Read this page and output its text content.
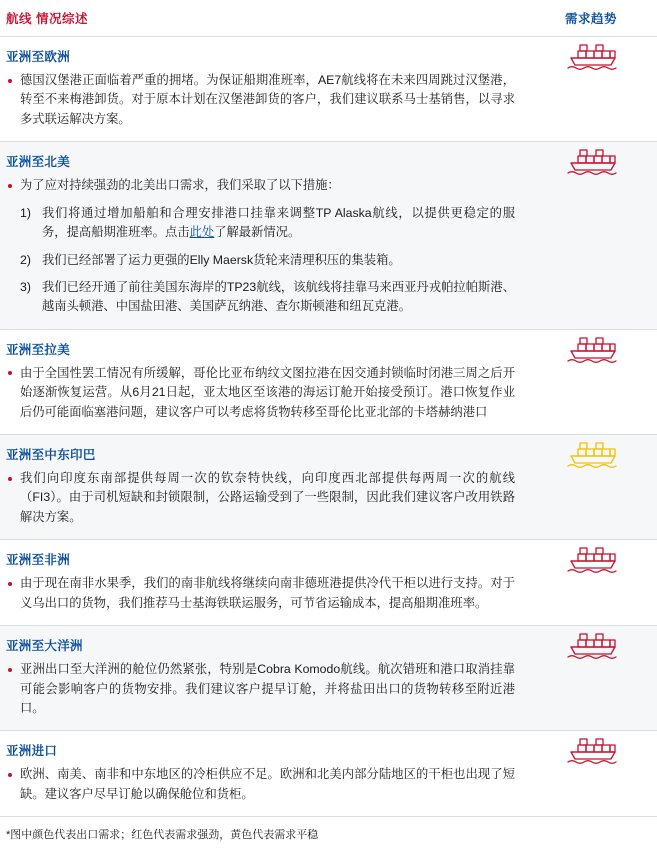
航线 情况综述	需求趋势

亚洲至欧洲
德国汉堡港正面临着严重的拥堵。为保证船期准班率，AE7航线将在未来四周跳过汉堡港，转至不来梅港卸货。对于原本计划在汉堡港卸货的客户，我们建议联系马士基销售，以寻求多式联运解决方案。

亚洲至北美
为了应对持续强劲的北美出口需求，我们采取了以下措施：
1) 我们将通过增加船舶和合理安排港口挂靠来调整TP Alaska航线，以提供更稳定的服务，提高船期准班率。点击此处了解最新情况。
2) 我们已经部署了运力更强的Elly Maersk货轮来清理积压的集装箱。
3) 我们已经开通了前往美国东海岸的TP23航线，该航线将挂靠马来西亚丹戎帕拉帕斯港、越南头顿港、中国盐田港、美国萨瓦纳港、查尔斯顿港和纽瓦克港。

亚洲至拉美
由于全国性罢工情况有所缓解，哥伦比亚布纳纹文图拉港在因交通封锁临时闭港三周之后开始逐渐恢复运营。从6月21日起，亚太地区至该港的海运订舱开始接受预订。港口恢复作业后仍可能面临塞港问题，建议客户可以考虑将货物转移至哥伦比亚北部的卡塔赫纳港口

亚洲至中东印巴
我们向印度东南部提供每周一次的钦奈特快线，向印度西北部提供每两周一次的航线（FI3）。由于司机短缺和封锁限制，公路运输受到了一些限制，因此我们建议客户改用铁路解决方案。

亚洲至非洲
由于现在南非水果季，我们的南非航线将继续向南非德班港提供冷代干柜以进行支持。对于义乌出口的货物，我们推荐马士基海铁联运服务，可节省运输成本，提高船期准班率。

亚洲至大洋洲
亚洲出口至大洋洲的舱位仍然紧张，特别是Cobra Komodo航线。航次错班和港口取消挂靠可能会影响客户的货物安排。我们建议客户提早订舱，并将盐田出口的货物转移至附近港口。

亚洲进口
欧洲、南美、南非和中东地区的冷柜供应不足。欧洲和北美内部分陆地区的干柜也出现了短缺。建议客户尽早订舱以确保舱位和货柜。

*图中颜色代表出口需求；红色代表需求强劲，黄色代表需求平稳
